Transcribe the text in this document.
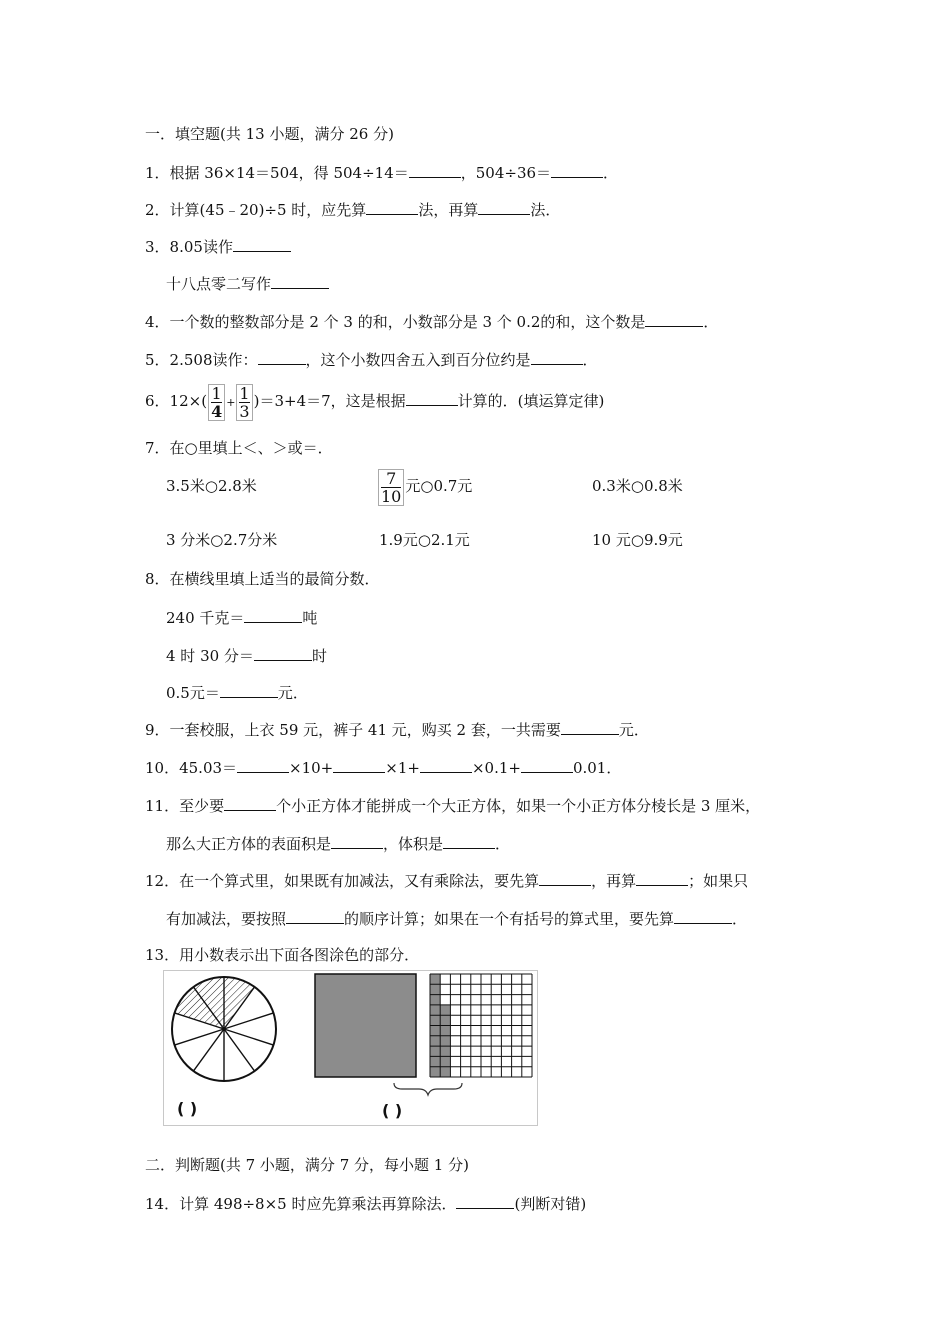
一．填空题(共 13 小题，满分 26 分)
1．根据 36×14＝504，得 504÷14＝	，504÷36＝	．
2．计算(45﹣20)÷5 时，应先算	法，再算	法．
3．8.05读作
十八点零二写作
4．一个数的整数部分是 2 个 3 的和，小数部分是 3 个 0.2的和，这个数是	．
5．2.508读作：	，这个小数四舍五入到百分位约是	．
6．$12\times( \frac{1}{4} + \frac{1}{3} )=3+4=7$，这是根据	计算的．(填运算定律)
7．在○里填上＜、＞或＝．
3.5米○2.8米	$\frac{7}{10}$ 元○0.7元	0.3米○0.8米
3 分米○2.7分米	1.9元○2.1元	10 元○9.9元
8．在横线里填上适当的最简分数．
240 千克＝	吨
4 时 30 分＝	时
0.5元＝	元．
9．一套校服，上衣 59 元，裤子 41 元，购买 2 套，一共需要	元．
10．45.03＝	×10+	×1+	×0.1+	0.01．
11．至少要	个小正方体才能拼成一个大正方体，如果一个小正方体分棱长是 3 厘米，
那么大正方体的表面积是	，体积是	．
12．在一个算式里，如果既有加减法，又有乘除法，要先算	，再算	；如果只
有加减法，要按照	的顺序计算；如果在一个有括号的算式里，要先算	．
13．用小数表示出下面各图涂色的部分．
( )	( )
二．判断题(共 7 小题，满分 7 分，每小题 1 分)
14．计算 498÷8×5 时应先算乘法再算除法．	(判断对错)
